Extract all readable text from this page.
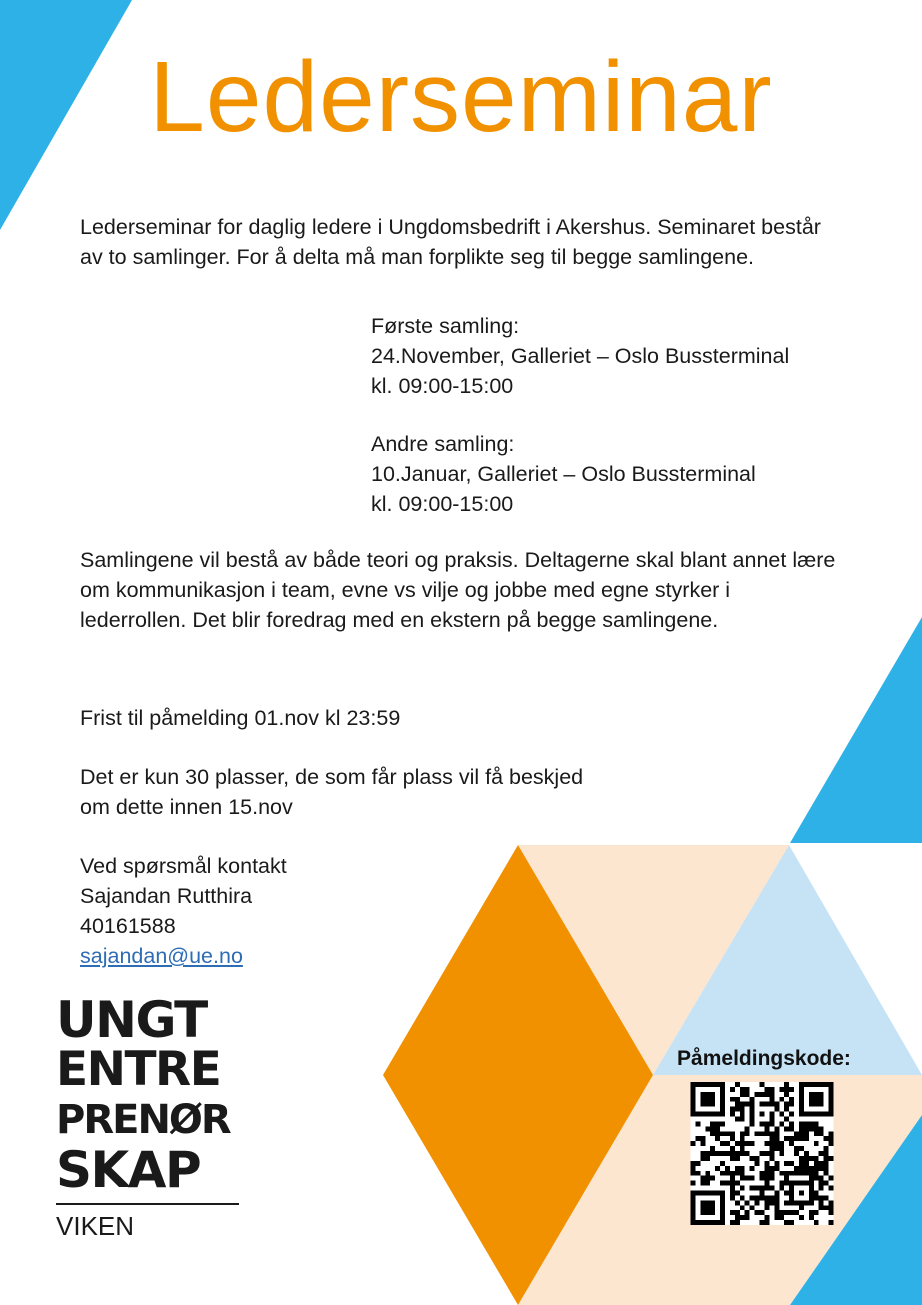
Lederseminar

Lederseminar for daglig ledere i Ungdomsbedrift i Akershus. Seminaret består av to samlinger. For å delta må man forplikte seg til begge samlingene.

Første samling:
24.November, Galleriet – Oslo Bussterminal
kl. 09:00-15:00
Andre samling:
10.Januar, Galleriet – Oslo Bussterminal
kl. 09:00-15:00

Samlingene vil bestå av både teori og praksis. Deltagerne skal blant annet lære om kommunikasjon i team, evne vs vilje og jobbe med egne styrker i lederrollen. Det blir foredrag med en ekstern på begge samlingene.

Frist til påmelding 01.nov kl 23:59

Det er kun 30 plasser, de som får plass vil få beskjed om dette innen 15.nov

Ved spørsmål kontakt
Sajandan Rutthira
40161588
sajandan@ue.no
UNGT
ENTRE
PRENØR
SKAP
VIKEN
Påmeldingskode:
